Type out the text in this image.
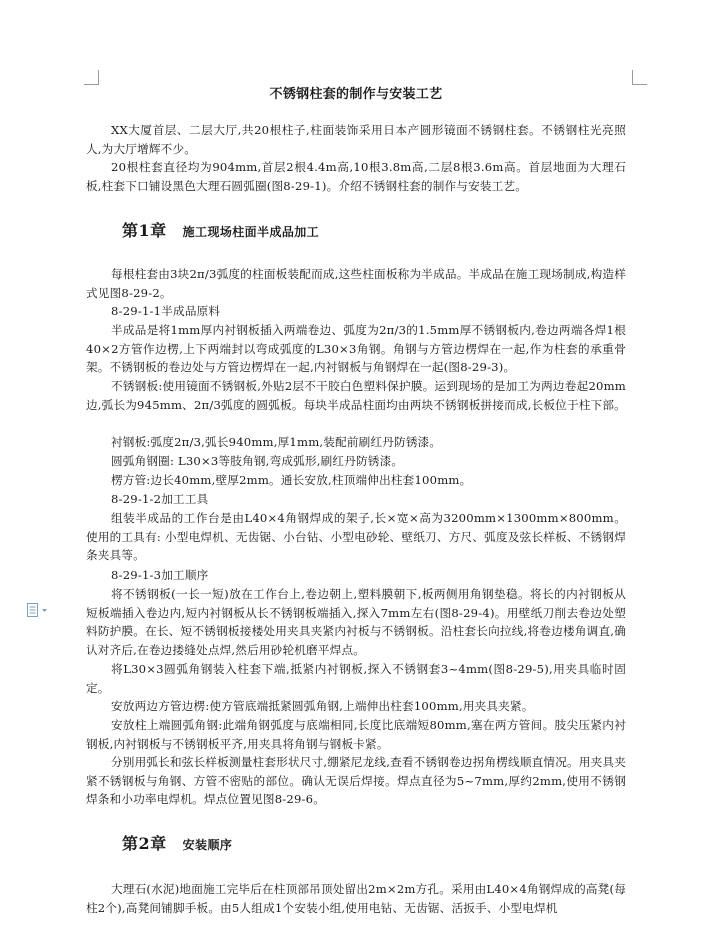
不锈钢柱套的制作与安装工艺

XX大厦首层、二层大厅,共20根柱子,柱面装饰采用日本产圆形镜面不锈钢柱套。不锈钢柱光亮照人,为大厅增辉不少。

20根柱套直径均为904mm,首层2根4.4m高,10根3.8m高,二层8根3.6m高。首层地面为大理石板,柱套下口铺设黑色大理石圆弧圈(图8-29-1)。介绍不锈钢柱套的制作与安装工艺。

第1章 施工现场柱面半成品加工

每根柱套由3块2π/3弧度的柱面板装配而成,这些柱面板称为半成品。半成品在施工现场制成,构造样式见图8-29-2。

8-29-1-1半成品原料

半成品是将1mm厚内衬钢板插入两端卷边、弧度为2π/3的1.5mm厚不锈钢板内,卷边两端各焊1根40×2方管作边楞,上下两端封以弯成弧度的L30×3角钢。角钢与方管边楞焊在一起,作为柱套的承重骨架。不锈钢板的卷边处与方管边楞焊在一起,内衬钢板与角钢焊在一起(图8-29-3)。

不锈钢板:使用镜面不锈钢板,外贴2层不干胶白色塑料保护膜。运到现场的是加工为两边卷起20mm边,弧长为945mm、2π/3弧度的圆弧板。每块半成品柱面均由两块不锈钢板拼接而成,长板位于柱下部。

衬钢板:弧度2π/3,弧长940mm,厚1mm,装配前刷红丹防锈漆。

圆弧角钢圈: L30×3等肢角钢,弯成弧形,刷红丹防锈漆。

楞方管:边长40mm,壁厚2mm。通长安放,柱顶端伸出柱套100mm。

8-29-1-2加工工具

组装半成品的工作台是由L40×4角钢焊成的架子,长×宽×高为3200mm×1300mm×800mm。使用的工具有: 小型电焊机、无齿锯、小台钻、小型电砂轮、壁纸刀、方尺、弧度及弦长样板、不锈钢焊条夹具等。

8-29-1-3加工顺序

将不锈钢板(一长一短)放在工作台上,卷边朝上,塑料膜朝下,板两侧用角钢垫稳。将长的内衬钢板从短板端插入卷边内,短内衬钢板从长不锈钢板端插入,探入7mm左右(图8-29-4)。用壁纸刀削去卷边处塑料防护膜。在长、短不锈钢板接楼处用夹具夹紧内衬板与不锈钢板。沿柱套长向拉线,将卷边楼角调直,确认对齐后,在卷边搂缝处点焊,然后用砂轮机磨平焊点。

将L30×3圆弧角钢装入柱套下端,抵紧内衬钢板,探入不锈钢套3~4mm(图8-29-5),用夹具临时固定。

安放两边方管边楞:使方管底端抵紧圆弧角钢,上端伸出柱套100mm,用夹具夹紧。

安放柱上端圆弧角钢:此端角钢弧度与底端相同,长度比底端短80mm,塞在两方管间。肢尖压紧内衬钢板,内衬钢板与不锈钢板平齐,用夹具将角钢与钢板卡紧。

分别用弧长和弦长样板测量柱套形状尺寸,绷紧尼龙线,查看不锈钢卷边拐角楞线顺直情况。用夹具夹紧不锈钢板与角钢、方管不密贴的部位。确认无误后焊接。焊点直径为5~7mm,厚约2mm,使用不锈钢焊条和小功率电焊机。焊点位置见图8-29-6。

第2章 安装顺序

大理石(水泥)地面施工完毕后在柱顶部吊顶处留出2m×2m方孔。采用由L40×4角钢焊成的高凳(每柱2个),高凳间铺脚手板。由5人组成1个安装小组,使用电钻、无齿锯、活扳手、小型电焊机
